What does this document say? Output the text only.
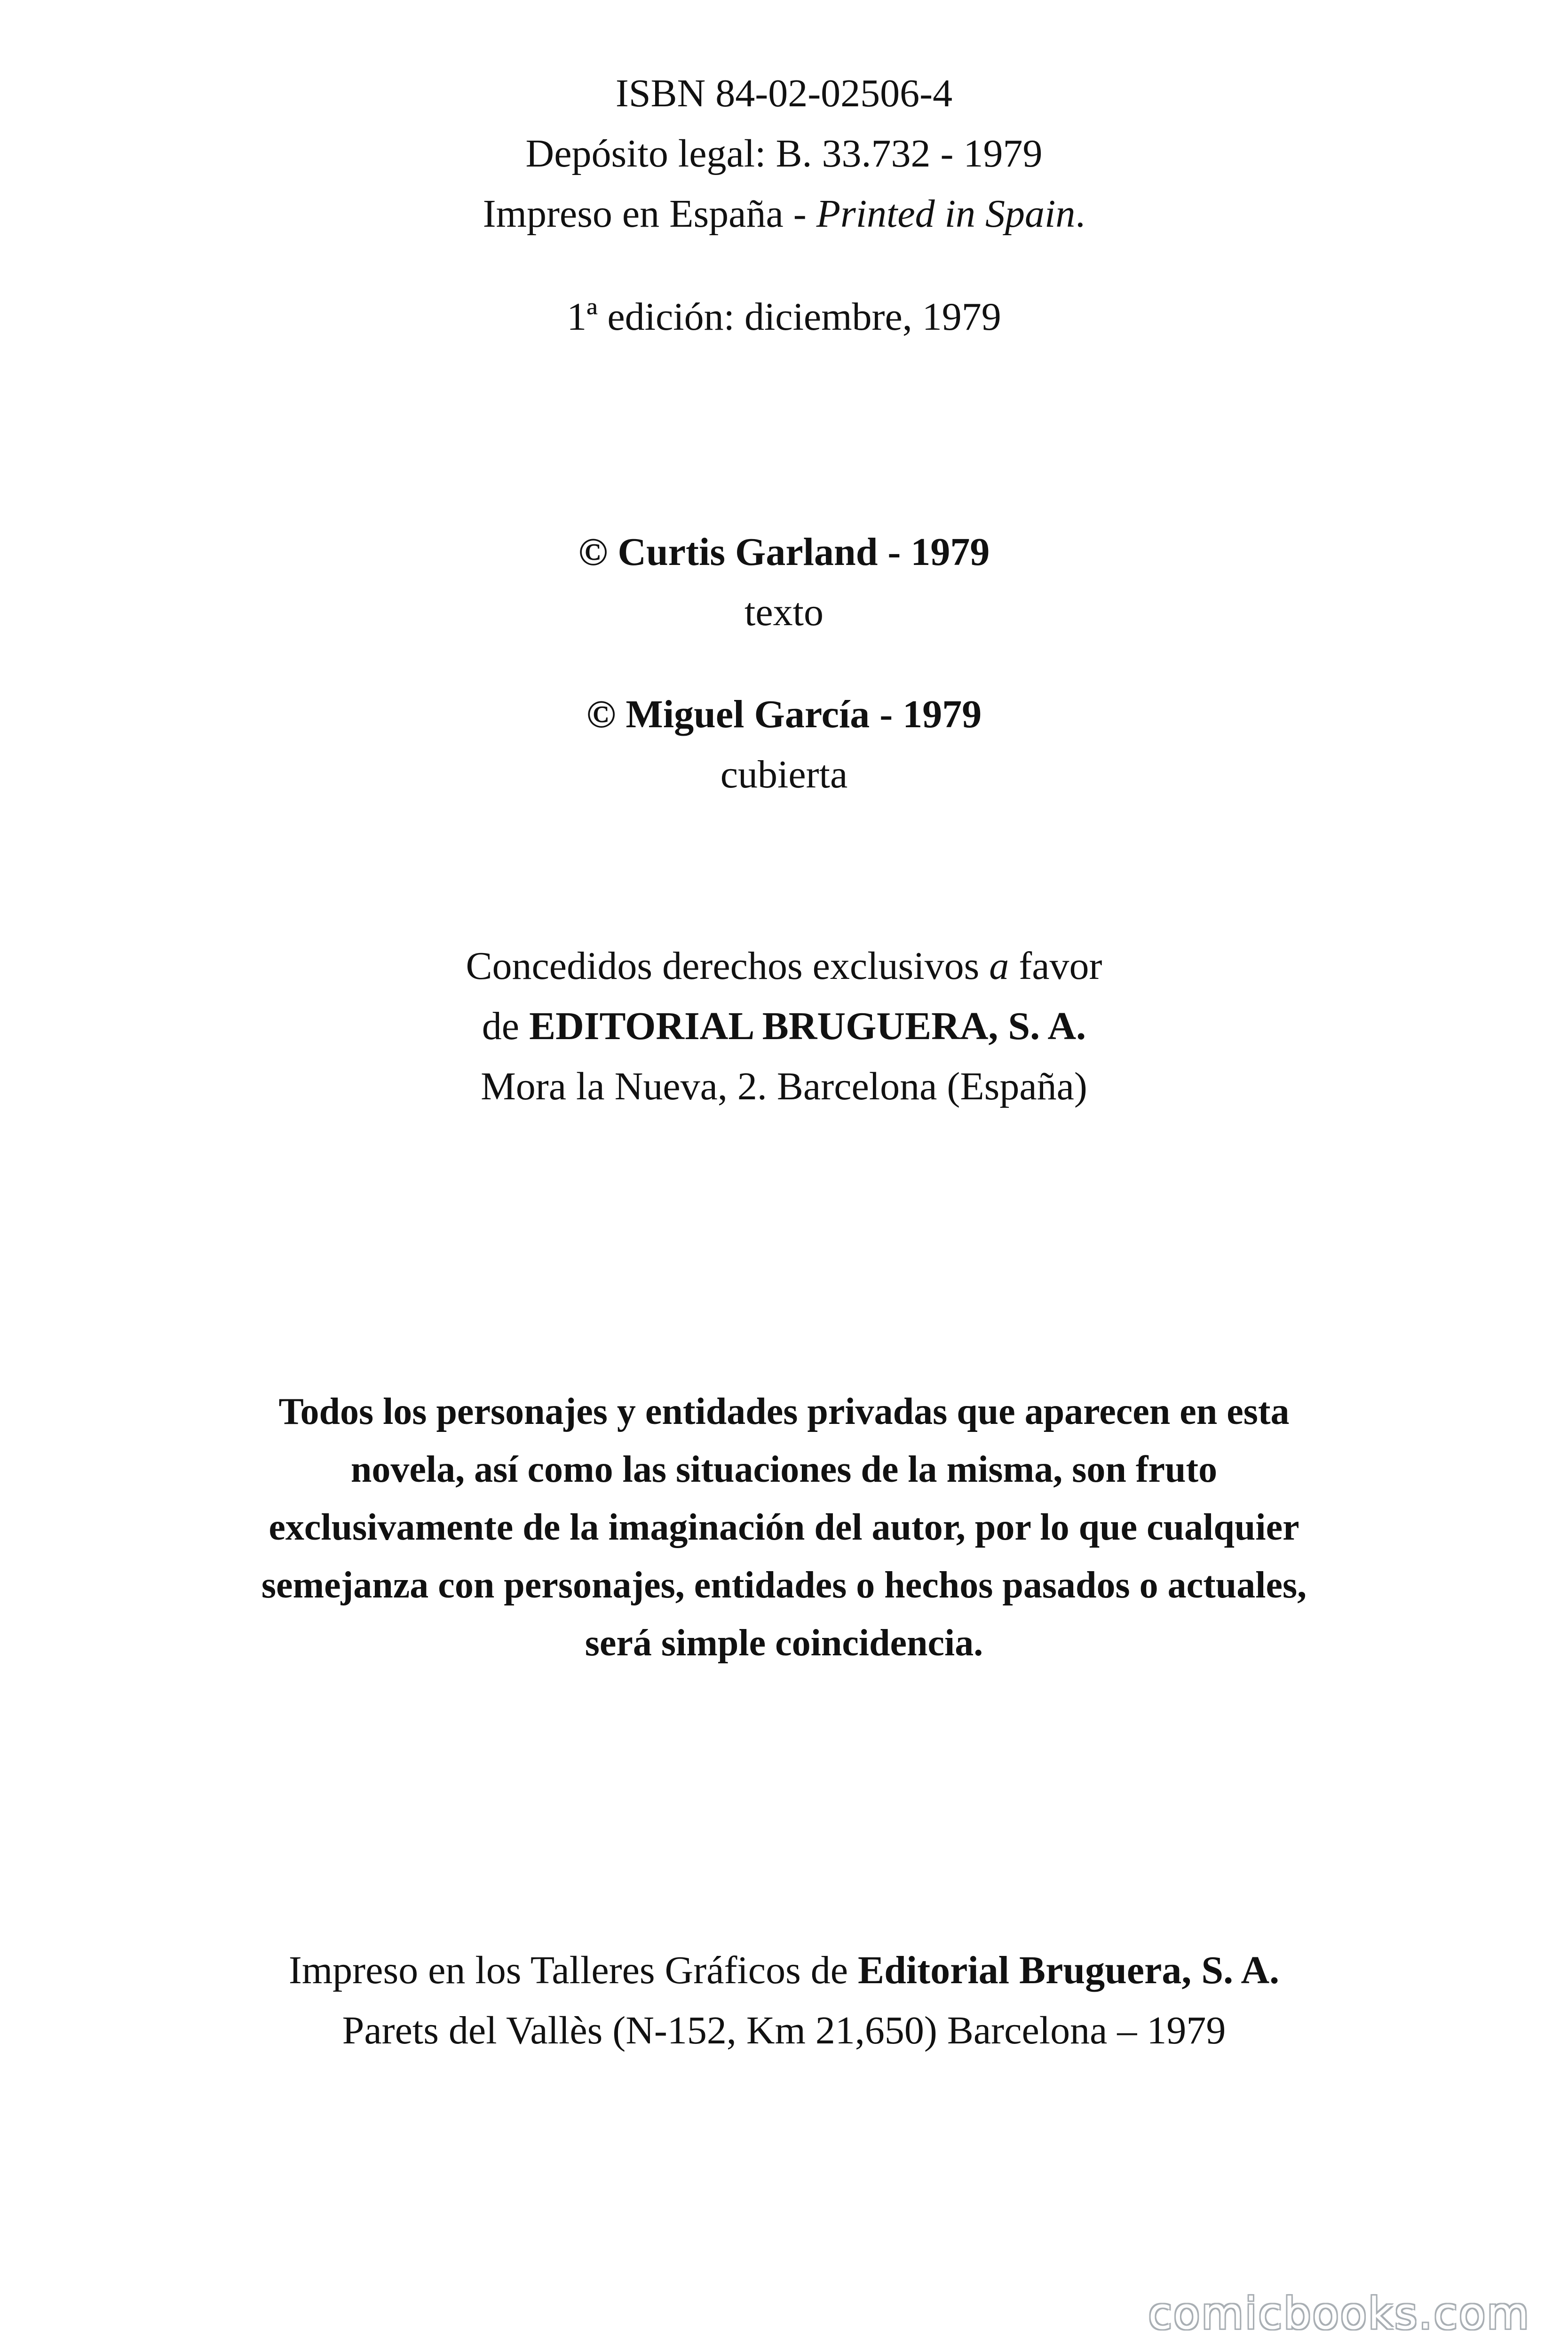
ISBN 84-02-02506-4
Depósito legal: B. 33.732 - 1979
Impreso en España - Printed in Spain.
1ª edición: diciembre, 1979
© Curtis Garland - 1979
texto
© Miguel García - 1979
cubierta
Concedidos derechos exclusivos a favor
de EDITORIAL BRUGUERA, S. A.
Mora la Nueva, 2. Barcelona (España)
Todos los personajes y entidades privadas que aparecen en esta
novela, así como las situaciones de la misma, son fruto
exclusivamente de la imaginación del autor, por lo que cualquier
semejanza con personajes, entidades o hechos pasados o actuales,
será simple coincidencia.
Impreso en los Talleres Gráficos de Editorial Bruguera, S. A.
Parets del Vallès (N-152, Km 21,650) Barcelona – 1979
comicbooks.com
